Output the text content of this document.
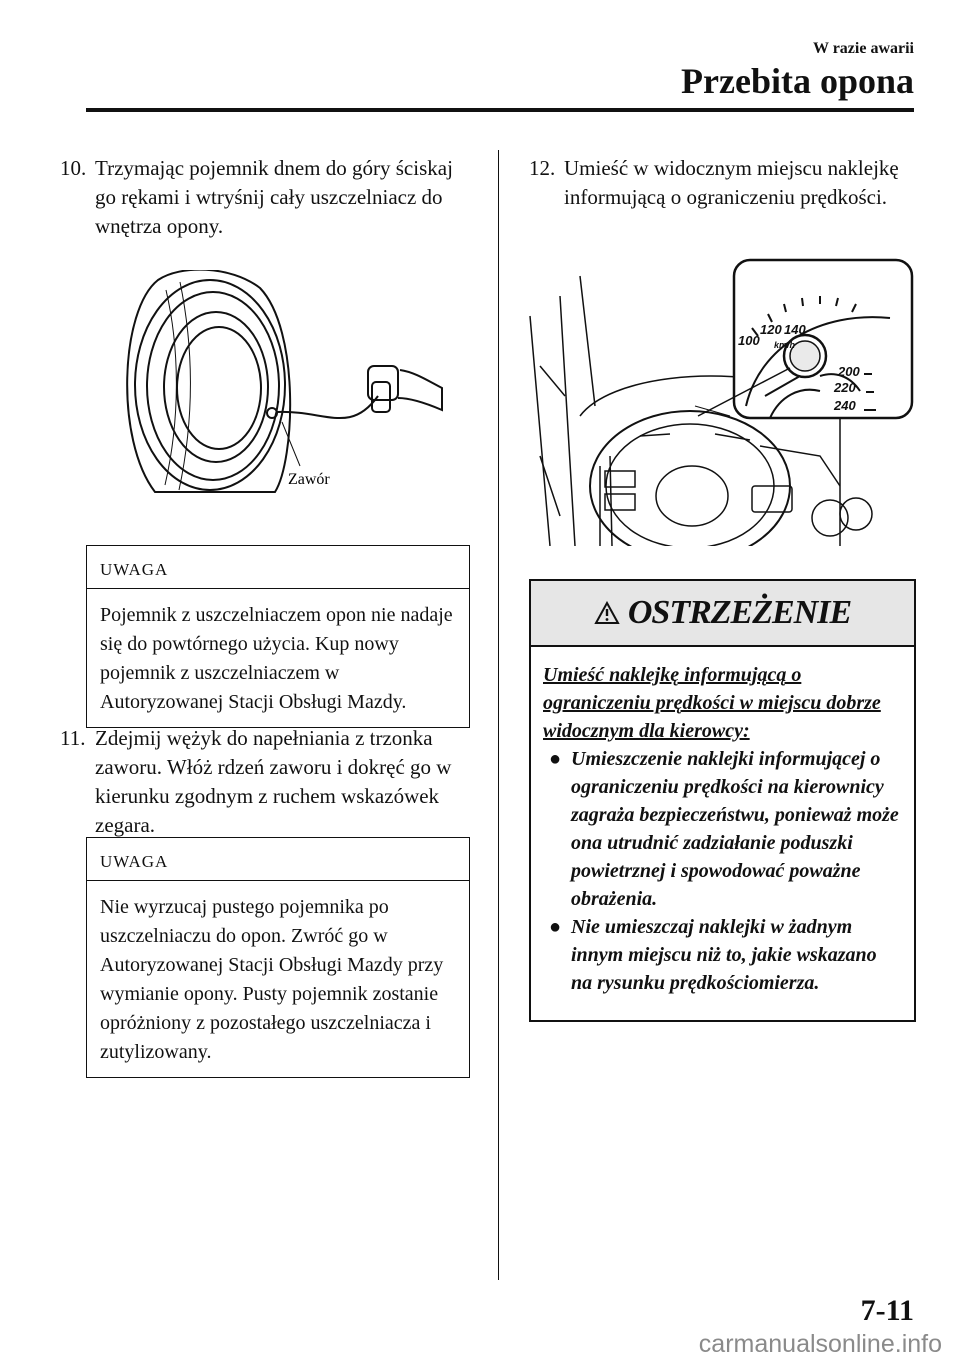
W razie awarii
Przebita opona
10. Trzymając pojemnik dnem do góry ściskaj go rękami i wtryśnij cały uszczelniacz do wnętrza opony.
Zawór
UWAGA
Pojemnik z uszczelniaczem opon nie nadaje się do powtórnego użycia. Kup nowy pojemnik z uszczelniaczem w Autoryzowanej Stacji Obsługi Mazdy.
11. Zdejmij wężyk do napełniania z trzonka zaworu. Włóż rdzeń zaworu i dokręć go w kierunku zgodnym z ruchem wskazówek zegara.
UWAGA
Nie wyrzucaj pustego pojemnika po uszczelniaczu do opon. Zwróć go w Autoryzowanej Stacji Obsługi Mazdy przy wymianie opony. Pusty pojemnik zostanie opróżniony z pozostałego uszczelniacza i zutylizowany.
12. Umieść w widocznym miejscu naklejkę informującą o ograniczeniu prędkości.
100
120 140
200
220
240
km/h
OSTRZEŻENIE
Umieść naklejkę informującą o ograniczeniu prędkości w miejscu dobrze widocznym dla kierowcy:
● Umieszczenie naklejki informującej o ograniczeniu prędkości na kierownicy zagraża bezpieczeństwu, ponieważ może ona utrudnić zadziałanie poduszki powietrznej i spowodować poważne obrażenia.
● Nie umieszczaj naklejki w żadnym innym miejscu niż to, jakie wskazano na rysunku prędkościomierza.
7-11
carmanualsonline.info
